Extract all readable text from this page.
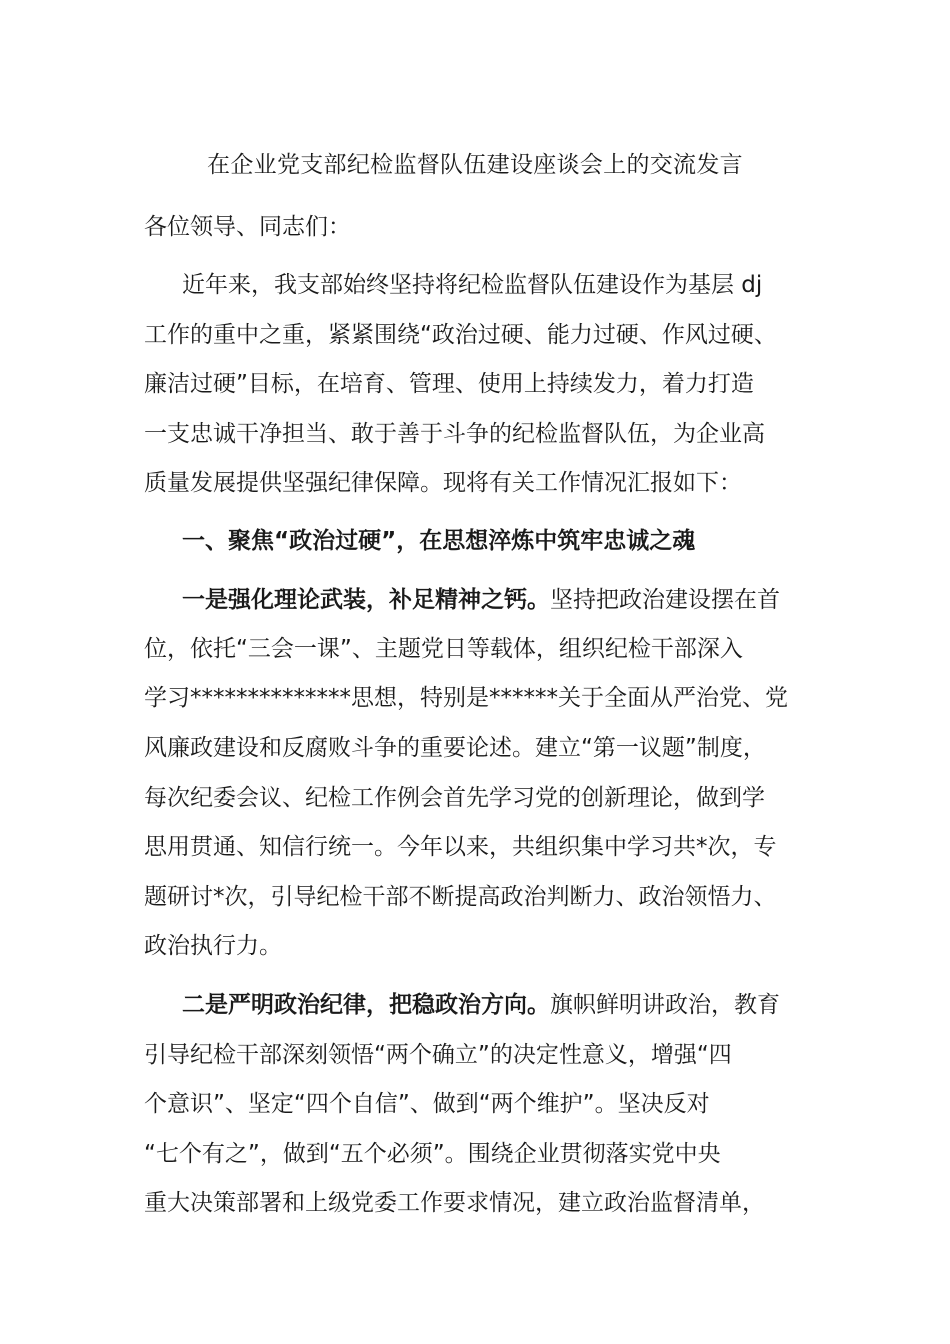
在企业党支部纪检监督队伍建设座谈会上的交流发言

各位领导、同志们：

近年来，我支部始终坚持将纪检监督队伍建设作为基层 dj

工作的重中之重，紧紧围绕“政治过硬、能力过硬、作风过硬、

廉洁过硬”目标，在培育、管理、使用上持续发力，着力打造

一支忠诚干净担当、敢于善于斗争的纪检监督队伍，为企业高

质量发展提供坚强纪律保障。现将有关工作情况汇报如下：

一、聚焦“政治过硬”，在思想淬炼中筑牢忠诚之魂

一是强化理论武装，补足精神之钙。坚持把政治建设摆在首

位，依托“三会一课”、主题党日等载体，组织纪检干部深入

学习**************思想，特别是******关于全面从严治党、党

风廉政建设和反腐败斗争的重要论述。建立“第一议题”制度，

每次纪委会议、纪检工作例会首先学习党的创新理论，做到学

思用贯通、知信行统一。今年以来，共组织集中学习共*次，专

题研讨*次，引导纪检干部不断提高政治判断力、政治领悟力、

政治执行力。

二是严明政治纪律，把稳政治方向。旗帜鲜明讲政治，教育

引导纪检干部深刻领悟“两个确立”的决定性意义，增强“四

个意识”、坚定“四个自信”、做到“两个维护”。坚决反对

“七个有之”，做到“五个必须”。围绕企业贯彻落实党中央

重大决策部署和上级党委工作要求情况，建立政治监督清单，
